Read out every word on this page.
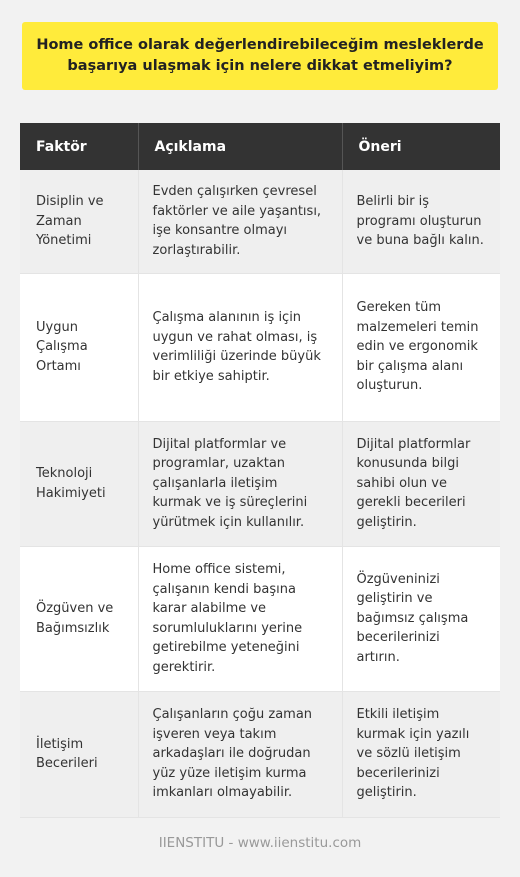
Home office olarak değerlendirebileceğim mesleklerde başarıya ulaşmak için nelere dikkat etmeliyim?
Faktör	Açıklama	Öneri
Disiplin ve Zaman Yönetimi	Evden çalışırken çevresel faktörler ve aile yaşantısı, işe konsantre olmayı zorlaştırabilir.	Belirli bir iş programı oluşturun ve buna bağlı kalın.
Uygun Çalışma Ortamı	Çalışma alanının iş için uygun ve rahat olması, iş verimliliği üzerinde büyük bir etkiye sahiptir.	Gereken tüm malzemeleri temin edin ve ergonomik bir çalışma alanı oluşturun.
Teknoloji Hakimiyeti	Dijital platformlar ve programlar, uzaktan çalışanlarla iletişim kurmak ve iş süreçlerini yürütmek için kullanılır.	Dijital platformlar konusunda bilgi sahibi olun ve gerekli becerileri geliştirin.
Özgüven ve Bağımsızlık	Home office sistemi, çalışanın kendi başına karar alabilme ve sorumluluklarını yerine getirebilme yeteneğini gerektirir.	Özgüveninizi geliştirin ve bağımsız çalışma becerilerinizi artırın.
İletişim Becerileri	Çalışanların çoğu zaman işveren veya takım arkadaşları ile doğrudan yüz yüze iletişim kurma imkanları olmayabilir.	Etkili iletişim kurmak için yazılı ve sözlü iletişim becerilerinizi geliştirin.
IIENSTITU - www.iienstitu.com
